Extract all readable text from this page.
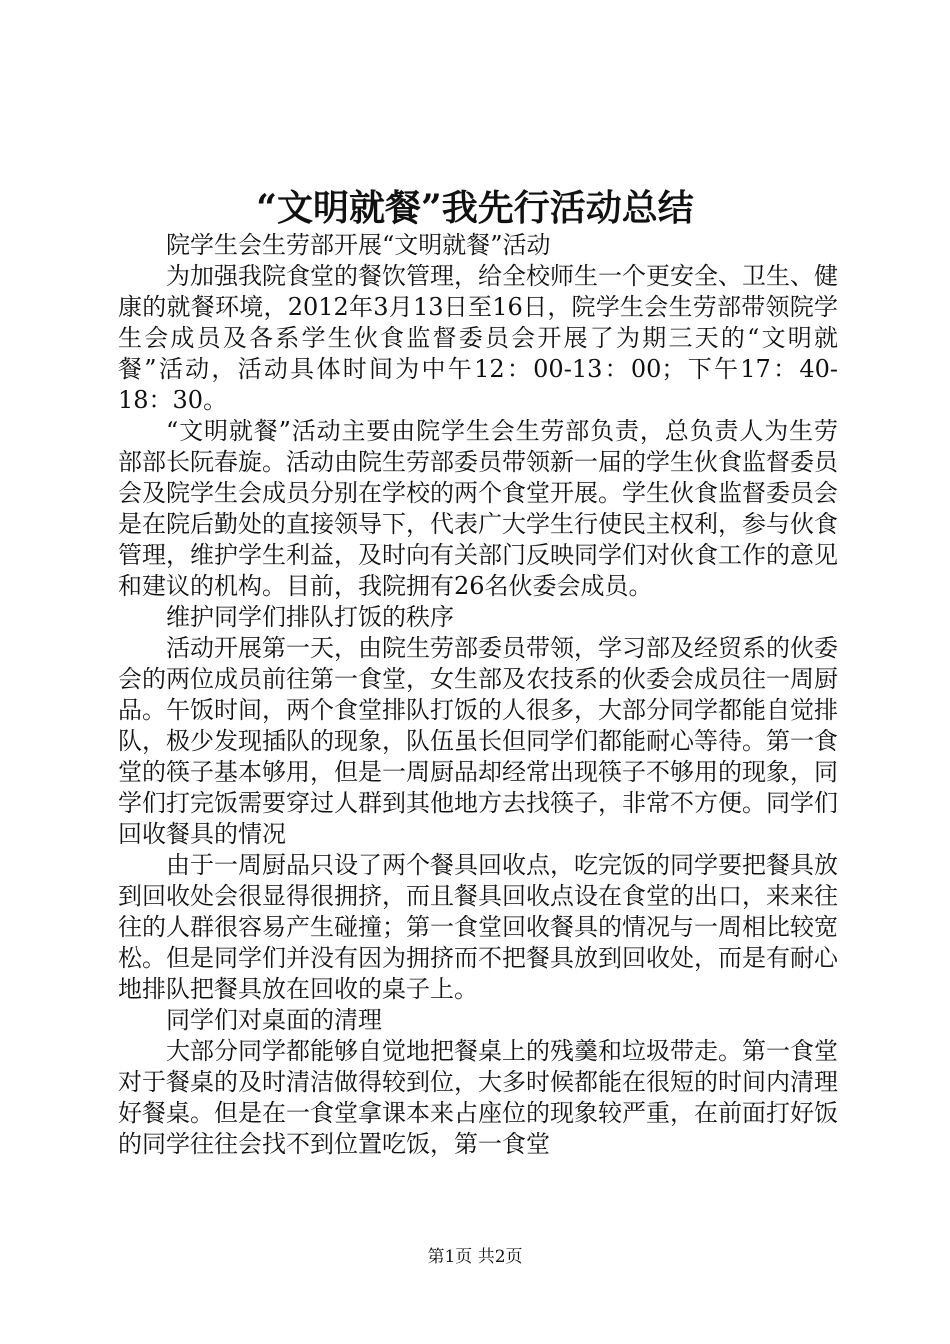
“文明就餐”我先行活动总结

院学生会生劳部开展“文明就餐”活动

为加强我院食堂的餐饮管理，给全校师生一个更安全、卫生、健康的就餐环境，2012年3月13日至16日，院学生会生劳部带领院学生会成员及各系学生伙食监督委员会开展了为期三天的“文明就餐”活动，活动具体时间为中午12：00-13：00；下午17：40-18：30。

“文明就餐”活动主要由院学生会生劳部负责，总负责人为生劳部部长阮春旋。活动由院生劳部委员带领新一届的学生伙食监督委员会及院学生会成员分别在学校的两个食堂开展。学生伙食监督委员会是在院后勤处的直接领导下，代表广大学生行使民主权利，参与伙食管理，维护学生利益，及时向有关部门反映同学们对伙食工作的意见和建议的机构。目前，我院拥有26名伙委会成员。

维护同学们排队打饭的秩序

活动开展第一天，由院生劳部委员带领，学习部及经贸系的伙委会的两位成员前往第一食堂，女生部及农技系的伙委会成员往一周厨品。午饭时间，两个食堂排队打饭的人很多，大部分同学都能自觉排队，极少发现插队的现象，队伍虽长但同学们都能耐心等待。第一食堂的筷子基本够用，但是一周厨品却经常出现筷子不够用的现象，同学们打完饭需要穿过人群到其他地方去找筷子，非常不方便。同学们回收餐具的情况

由于一周厨品只设了两个餐具回收点，吃完饭的同学要把餐具放到回收处会很显得很拥挤，而且餐具回收点设在食堂的出口，来来往往的人群很容易产生碰撞；第一食堂回收餐具的情况与一周相比较宽松。但是同学们并没有因为拥挤而不把餐具放到回收处，而是有耐心地排队把餐具放在回收的桌子上。

同学们对桌面的清理

大部分同学都能够自觉地把餐桌上的残羹和垃圾带走。第一食堂对于餐桌的及时清洁做得较到位，大多时候都能在很短的时间内清理好餐桌。但是在一食堂拿课本来占座位的现象较严重，在前面打好饭的同学往往会找不到位置吃饭，第一食堂

第1页 共2页
